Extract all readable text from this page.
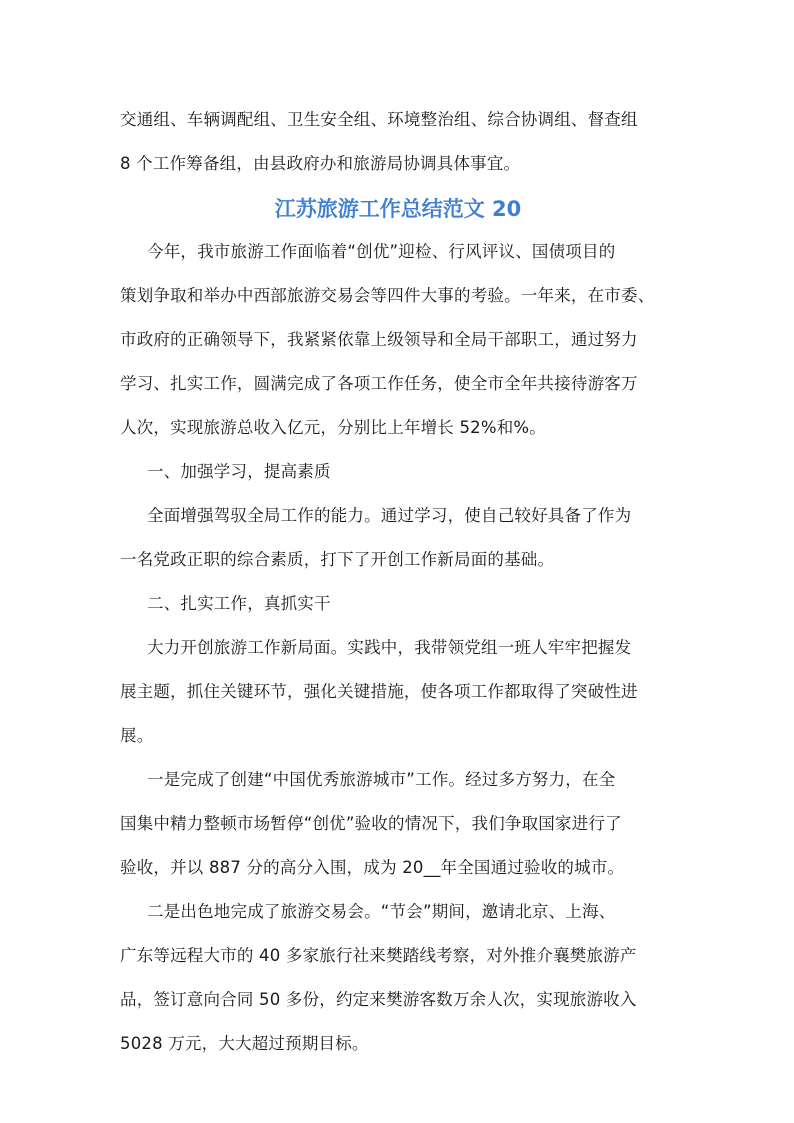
交通组、车辆调配组、卫生安全组、环境整治组、综合协调组、督查组
8 个工作筹备组，由县政府办和旅游局协调具体事宜。
江苏旅游工作总结范文 20
今年，我市旅游工作面临着“创优”迎检、行风评议、国债项目的
策划争取和举办中西部旅游交易会等四件大事的考验。一年来，在市委、
市政府的正确领导下，我紧紧依靠上级领导和全局干部职工，通过努力
学习、扎实工作，圆满完成了各项工作任务，使全市全年共接待游客万
人次，实现旅游总收入亿元，分别比上年增长 52%和%。
一、加强学习，提高素质
全面增强驾驭全局工作的能力。通过学习，使自己较好具备了作为
一名党政正职的综合素质，打下了开创工作新局面的基础。
二、扎实工作，真抓实干
大力开创旅游工作新局面。实践中，我带领党组一班人牢牢把握发
展主题，抓住关键环节，强化关键措施，使各项工作都取得了突破性进
展。
一是完成了创建“中国优秀旅游城市”工作。经过多方努力，在全
国集中精力整顿市场暂停“创优”验收的情况下，我们争取国家进行了
验收，并以 887 分的高分入围，成为 20__年全国通过验收的城市。
二是出色地完成了旅游交易会。“节会”期间，邀请北京、上海、
广东等远程大市的 40 多家旅行社来樊踏线考察，对外推介襄樊旅游产
品，签订意向合同 50 多份，约定来樊游客数万余人次，实现旅游收入
5028 万元，大大超过预期目标。
